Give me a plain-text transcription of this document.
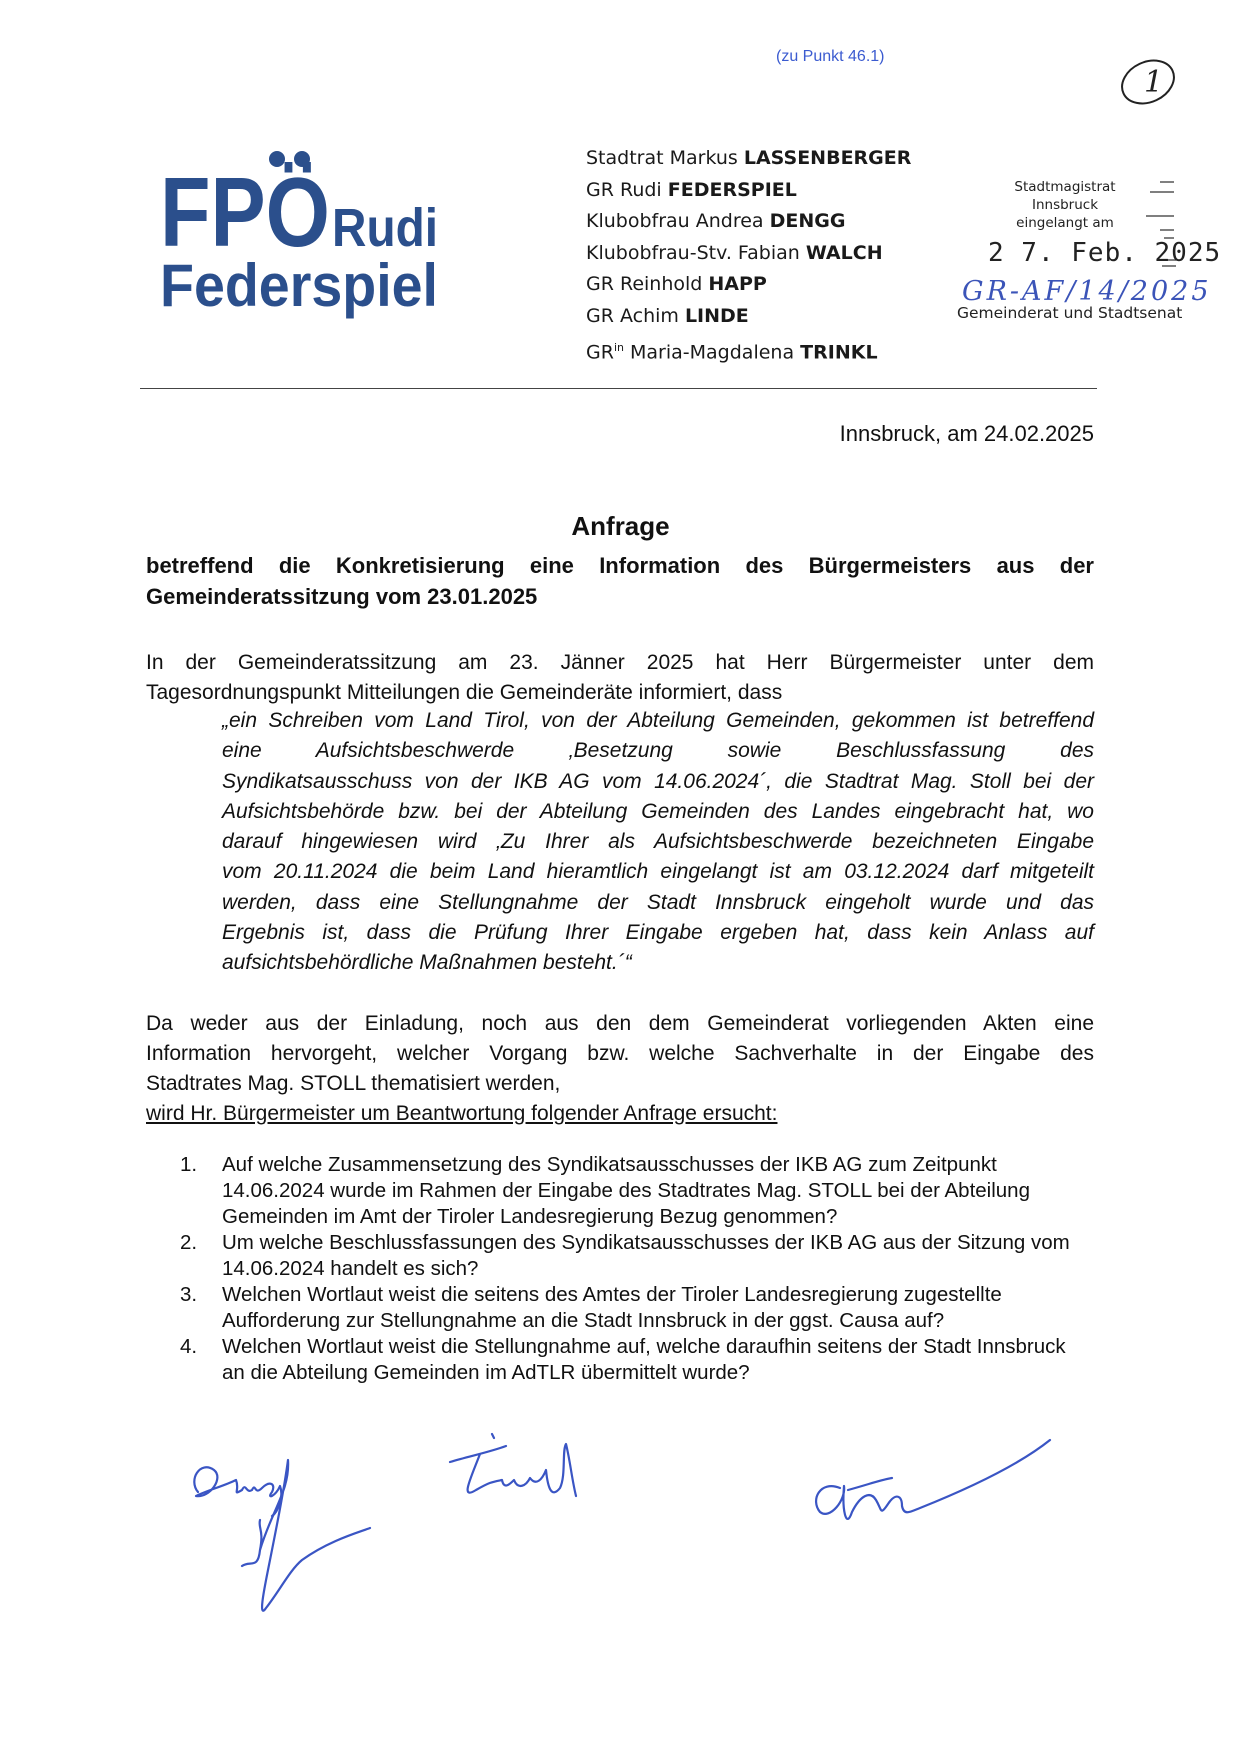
(zu Punkt 46.1)
1
FPÖ Rudi
Federspiel
Stadtrat Markus LASSENBERGER
GR Rudi FEDERSPIEL
Klubobfrau Andrea DENGG
Klubobfrau-Stv. Fabian WALCH
GR Reinhold HAPP
GR Achim LINDE
$GR^{in}$ Maria-Magdalena TRINKL
Stadtmagistrat Innsbruck
eingelangt am
2 7. Feb. 2025
GR-AF/14/2025
Gemeinderat und Stadtsenat
Innsbruck, am 24.02.2025
Anfrage
betreffend die Konkretisierung eine Information des Bürgermeisters aus der
Gemeinderatssitzung vom 23.01.2025
In der Gemeinderatssitzung am 23. Jänner 2025 hat Herr Bürgermeister unter dem
Tagesordnungspunkt Mitteilungen die Gemeinderäte informiert, dass
„ein Schreiben vom Land Tirol, von der Abteilung Gemeinden, gekommen ist betreffend
eine Aufsichtsbeschwerde ‚Besetzung sowie Beschlussfassung des
Syndikatsausschuss von der IKB AG vom 14.06.2024´, die Stadtrat Mag. Stoll bei der
Aufsichtsbehörde bzw. bei der Abteilung Gemeinden des Landes eingebracht hat, wo
darauf hingewiesen wird ‚Zu Ihrer als Aufsichtsbeschwerde bezeichneten Eingabe
vom 20.11.2024 die beim Land hieramtlich eingelangt ist am 03.12.2024 darf mitgeteilt
werden, dass eine Stellungnahme der Stadt Innsbruck eingeholt wurde und das
Ergebnis ist, dass die Prüfung Ihrer Eingabe ergeben hat, dass kein Anlass auf
aufsichtsbehördliche Maßnahmen besteht.´“
Da weder aus der Einladung, noch aus den dem Gemeinderat vorliegenden Akten eine
Information hervorgeht, welcher Vorgang bzw. welche Sachverhalte in der Eingabe des
Stadtrates Mag. STOLL thematisiert werden,
wird Hr. Bürgermeister um Beantwortung folgender Anfrage ersucht:
1. Auf welche Zusammensetzung des Syndikatsausschusses der IKB AG zum Zeitpunkt 14.06.2024 wurde im Rahmen der Eingabe des Stadtrates Mag. STOLL bei der Abteilung Gemeinden im Amt der Tiroler Landesregierung Bezug genommen?
2. Um welche Beschlussfassungen des Syndikatsausschusses der IKB AG aus der Sitzung vom 14.06.2024 handelt es sich?
3. Welchen Wortlaut weist die seitens des Amtes der Tiroler Landesregierung zugestellte Aufforderung zur Stellungnahme an die Stadt Innsbruck in der ggst. Causa auf?
4. Welchen Wortlaut weist die Stellungnahme auf, welche daraufhin seitens der Stadt Innsbruck an die Abteilung Gemeinden im AdTLR übermittelt wurde?
